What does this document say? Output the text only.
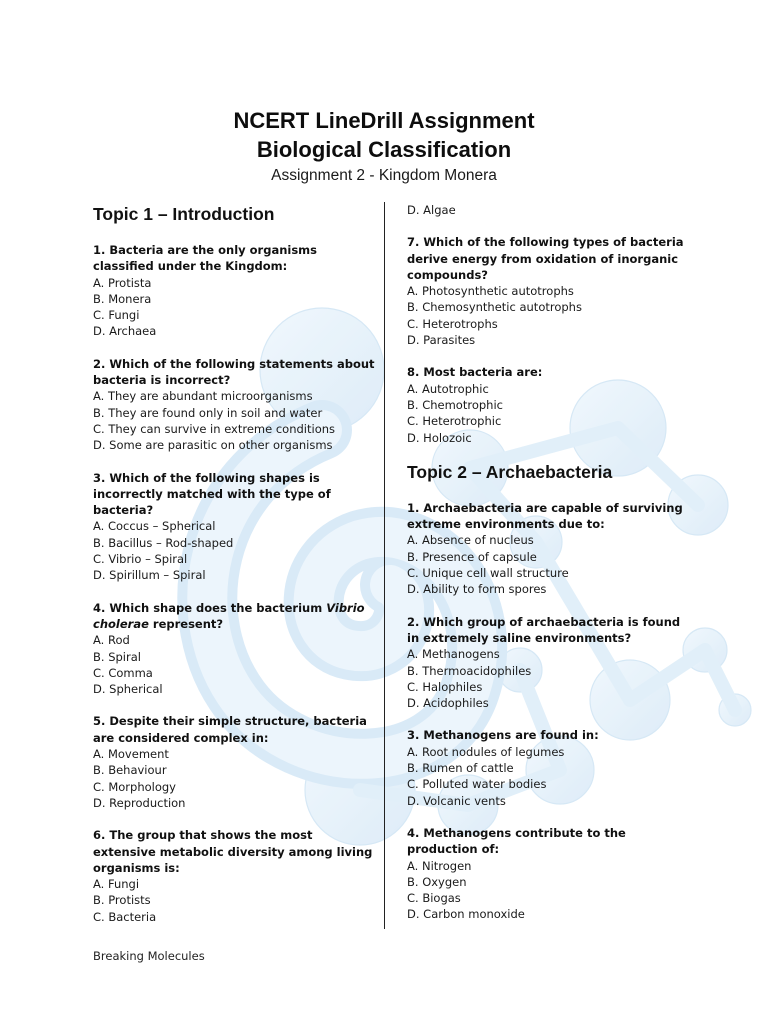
NCERT LineDrill Assignment
Biological Classification
Assignment 2 - Kingdom Monera
Topic 1 – Introduction
1. Bacteria are the only organisms classified under the Kingdom:
A. Protista
B. Monera
C. Fungi
D. Archaea
2. Which of the following statements about bacteria is incorrect?
A. They are abundant microorganisms
B. They are found only in soil and water
C. They can survive in extreme conditions
D. Some are parasitic on other organisms
3. Which of the following shapes is incorrectly matched with the type of bacteria?
A. Coccus – Spherical
B. Bacillus – Rod-shaped
C. Vibrio – Spiral
D. Spirillum – Spiral
4. Which shape does the bacterium Vibrio cholerae represent?
A. Rod
B. Spiral
C. Comma
D. Spherical
5. Despite their simple structure, bacteria are considered complex in:
A. Movement
B. Behaviour
C. Morphology
D. Reproduction
6. The group that shows the most extensive metabolic diversity among living organisms is:
A. Fungi
B. Protists
C. Bacteria
D. Algae
7. Which of the following types of bacteria derive energy from oxidation of inorganic compounds?
A. Photosynthetic autotrophs
B. Chemosynthetic autotrophs
C. Heterotrophs
D. Parasites
8. Most bacteria are:
A. Autotrophic
B. Chemotrophic
C. Heterotrophic
D. Holozoic
Topic 2 – Archaebacteria
1. Archaebacteria are capable of surviving extreme environments due to:
A. Absence of nucleus
B. Presence of capsule
C. Unique cell wall structure
D. Ability to form spores
2. Which group of archaebacteria is found in extremely saline environments?
A. Methanogens
B. Thermoacidophiles
C. Halophiles
D. Acidophiles
3. Methanogens are found in:
A. Root nodules of legumes
B. Rumen of cattle
C. Polluted water bodies
D. Volcanic vents
4. Methanogens contribute to the production of:
A. Nitrogen
B. Oxygen
C. Biogas
D. Carbon monoxide
Breaking Molecules
